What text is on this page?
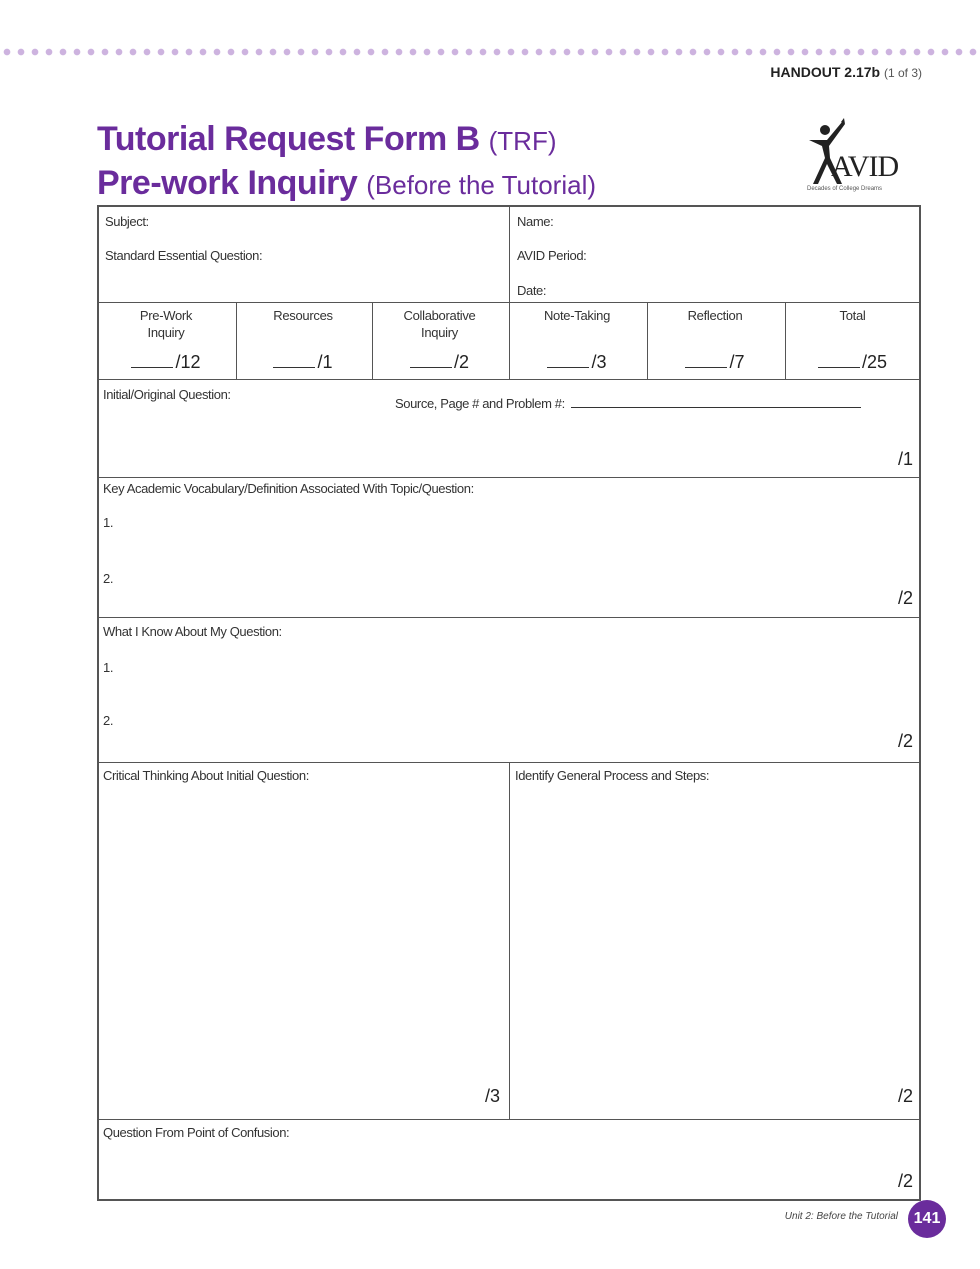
HANDOUT 2.17b (1 of 3)
Tutorial Request Form B (TRF)
Pre-work Inquiry (Before the Tutorial)
AVID
Decades of College Dreams
Subject:
Standard Essential Question:
Name:
AVID Period:
Date:
Pre-Work Inquiry
/12
Resources
/1
Collaborative Inquiry
/2
Note-Taking
/3
Reflection
/7
Total
/25
Initial/Original Question:
Source, Page # and Problem #:
/1
Key Academic Vocabulary/Definition Associated With Topic/Question:
1.
2.
/2
What I Know About My Question:
1.
2.
/2
Critical Thinking About Initial Question:
/3
Identify General Process and Steps:
/2
Question From Point of Confusion:
/2
Unit 2: Before the Tutorial 141
